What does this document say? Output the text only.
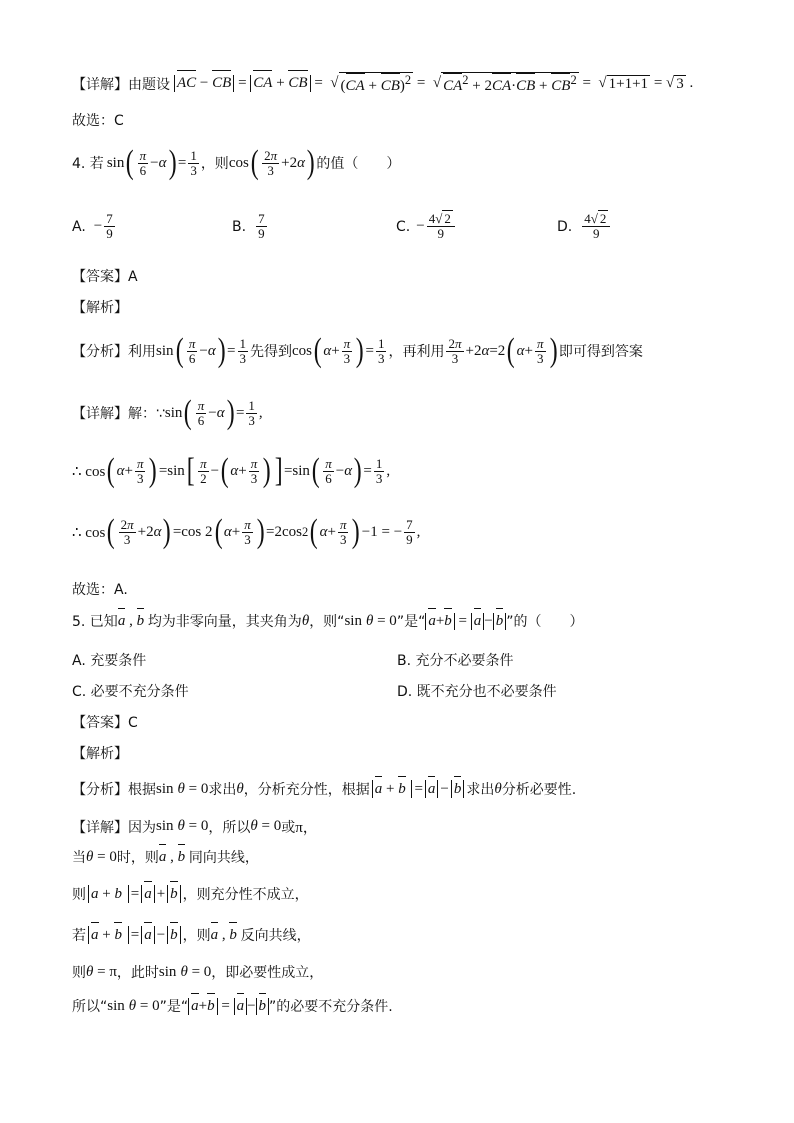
【详解】由题设 AC − CB = CA + CB =  √ (CA + CB)$^2$ =  √ $CA^2 + 2CA\cdot CB + CB^2$ =  √ 1+1+1 = √ 3 .
故选：C
4. 若 sin ( $\frac{\pi}{6} - \alpha$ ) = $\frac{1}{3}$ ，则 cos ( $\frac{2\pi}{3} +2$ α ) 的值（　　）
A. − $\frac{7}{9}$	B. $\frac{7}{9}$	C. − $\frac{4√ 2}{9}$	D. $\frac{4√ 2}{9}$
【答案】A
【解析】
【分析】利用 sin ( $\frac{\pi}{6} - \alpha$ ) = $\frac{1}{3}$ 先得到 cos ( $\alpha + \frac{\pi}{3}$ ) = $\frac{1}{3}$ ，再利用 $\frac{2\pi}{3} +2$ α =2 ( $\alpha + \frac{\pi}{3}$ ) 即可得到答案
【详解】解：∵ sin ( $\frac{\pi}{6} - \alpha$ ) = $\frac{1}{3}$ ,
∴ cos ( $\alpha + \frac{\pi}{3}$ ) =sin [ $\frac{\pi}{2}$ − ( $\alpha + \frac{\pi}{3}$ ) ] =sin ( $\frac{\pi}{6} - \alpha$ ) = $\frac{1}{3}$ ,
∴ cos ( $\frac{2\pi}{3} +2$ α ) =cos 2 ( $\alpha + \frac{\pi}{3}$ ) =2cos 2 ( $\alpha + \frac{\pi}{3}$ ) −1 = − $\frac{7}{9}$ ,
故选：A.
5. 已知 a , b
均为非零向量，其夹角为 θ ，则“ sin θ = 0 ”是“ a + b = a − b ”的（　　）
A. 充要条件	B. 充分不必要条件
C. 必要不充分条件	D. 既不充分也不必要条件
【答案】C
【解析】
【分析】根据 sin θ = 0 求出 θ ，分析充分性，根据 a + b
= a − b 求出 θ 分析必要性.
【详解】因为 sin θ = 0 ，所以 θ = 0 或 π，
当 θ = 0 时，则 a , b
同向共线，
则 a + b
= a + b ，则充分性不成立，
若 a + b
= a − b ，则 a , b
反向共线，
则 θ = π ，此时 sin θ = 0 ，即必要性成立，
所以“ sin θ = 0 ”是“ a + b = a − b ”的必要不充分条件.
